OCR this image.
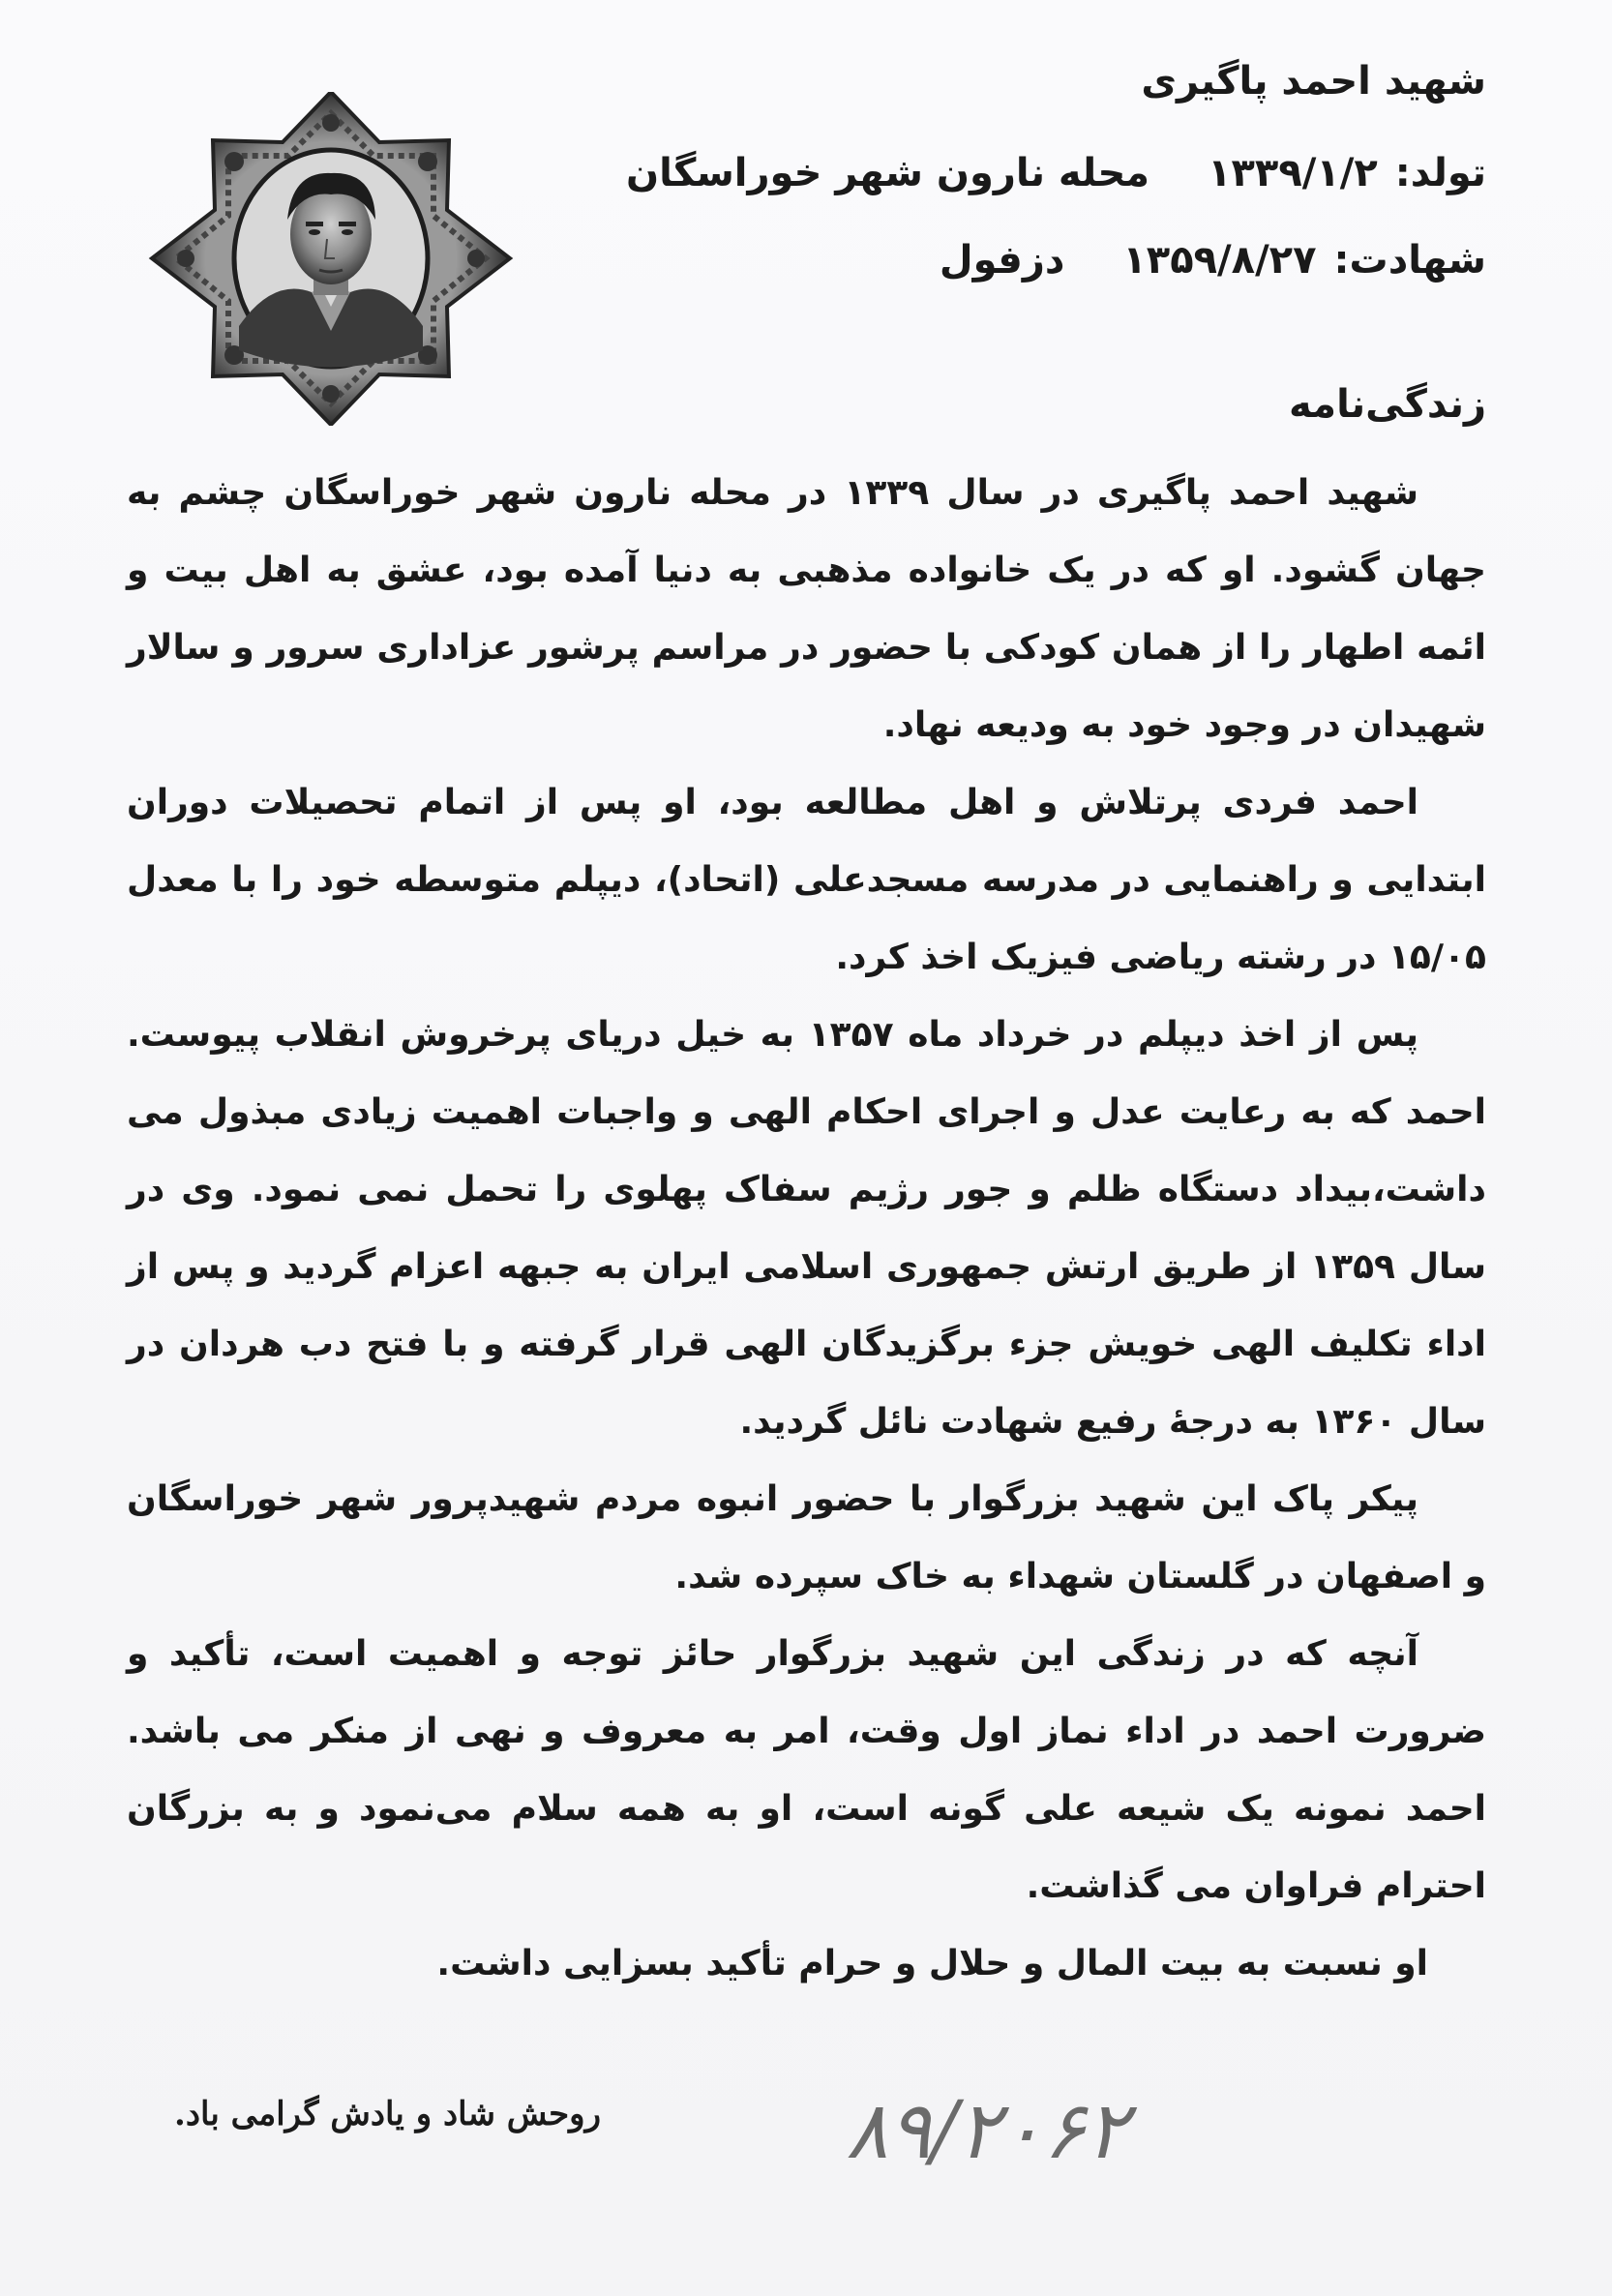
شهید احمد پاگیری
تولد:۱۳۳۹/۱/۲محله نارون شهر خوراسگان
شهادت:۱۳۵۹/۸/۲۷دزفول
زندگی‌نامه

شهید احمد پاگیری در سال ۱۳۳۹ در محله نارون شهر خوراسگان چشم به جهان گشود. او که در یک خانواده مذهبی به دنیا آمده بود، عشق به اهل بیت و ائمه اطهار را از همان کودکی با حضور در مراسم پرشور عزاداری سرور و سالار شهیدان در وجود خود به ودیعه نهاد.

احمد فردی پرتلاش و اهل مطالعه بود، او پس از اتمام تحصیلات دوران ابتدایی و راهنمایی در مدرسه مسجدعلی (اتحاد)، دیپلم متوسطه خود را با معدل ۱۵/۰۵ در رشته ریاضی فیزیک اخذ کرد.

پس از اخذ دیپلم در خرداد ماه ۱۳۵۷ به خیل دریای پرخروش انقلاب پیوست. احمد که به رعایت عدل و اجرای احکام الهی و واجبات اهمیت زیادی مبذول می داشت،بیداد دستگاه ظلم و جور رژیم سفاک پهلوی را تحمل نمی نمود. وی در سال ۱۳۵۹ از طریق ارتش جمهوری اسلامی ایران به جبهه اعزام گردید و پس از اداء تکلیف الهی خویش جزء برگزیدگان الهی قرار گرفته و با فتح دب هردان در سال ۱۳۶۰ به درجهٔ رفیع شهادت نائل گردید.

پیکر پاک این شهید بزرگوار با حضور انبوه مردم شهیدپرور شهر خوراسگان و اصفهان در گلستان شهداء به خاک سپرده شد.

آنچه که در زندگی این شهید بزرگوار حائز توجه و اهمیت است، تأکید و ضرورت احمد در اداء نماز اول وقت، امر به معروف و نهی از منکر می باشد. احمد نمونه یک شیعه علی گونه است، او به همه سلام می‌نمود و به بزرگان احترام فراوان می گذاشت.

او نسبت به بیت المال و حلال و حرام تأکید بسزایی داشت.

روحش شاد و یادش گرامی باد.	۸۹/۲۰۶۲
